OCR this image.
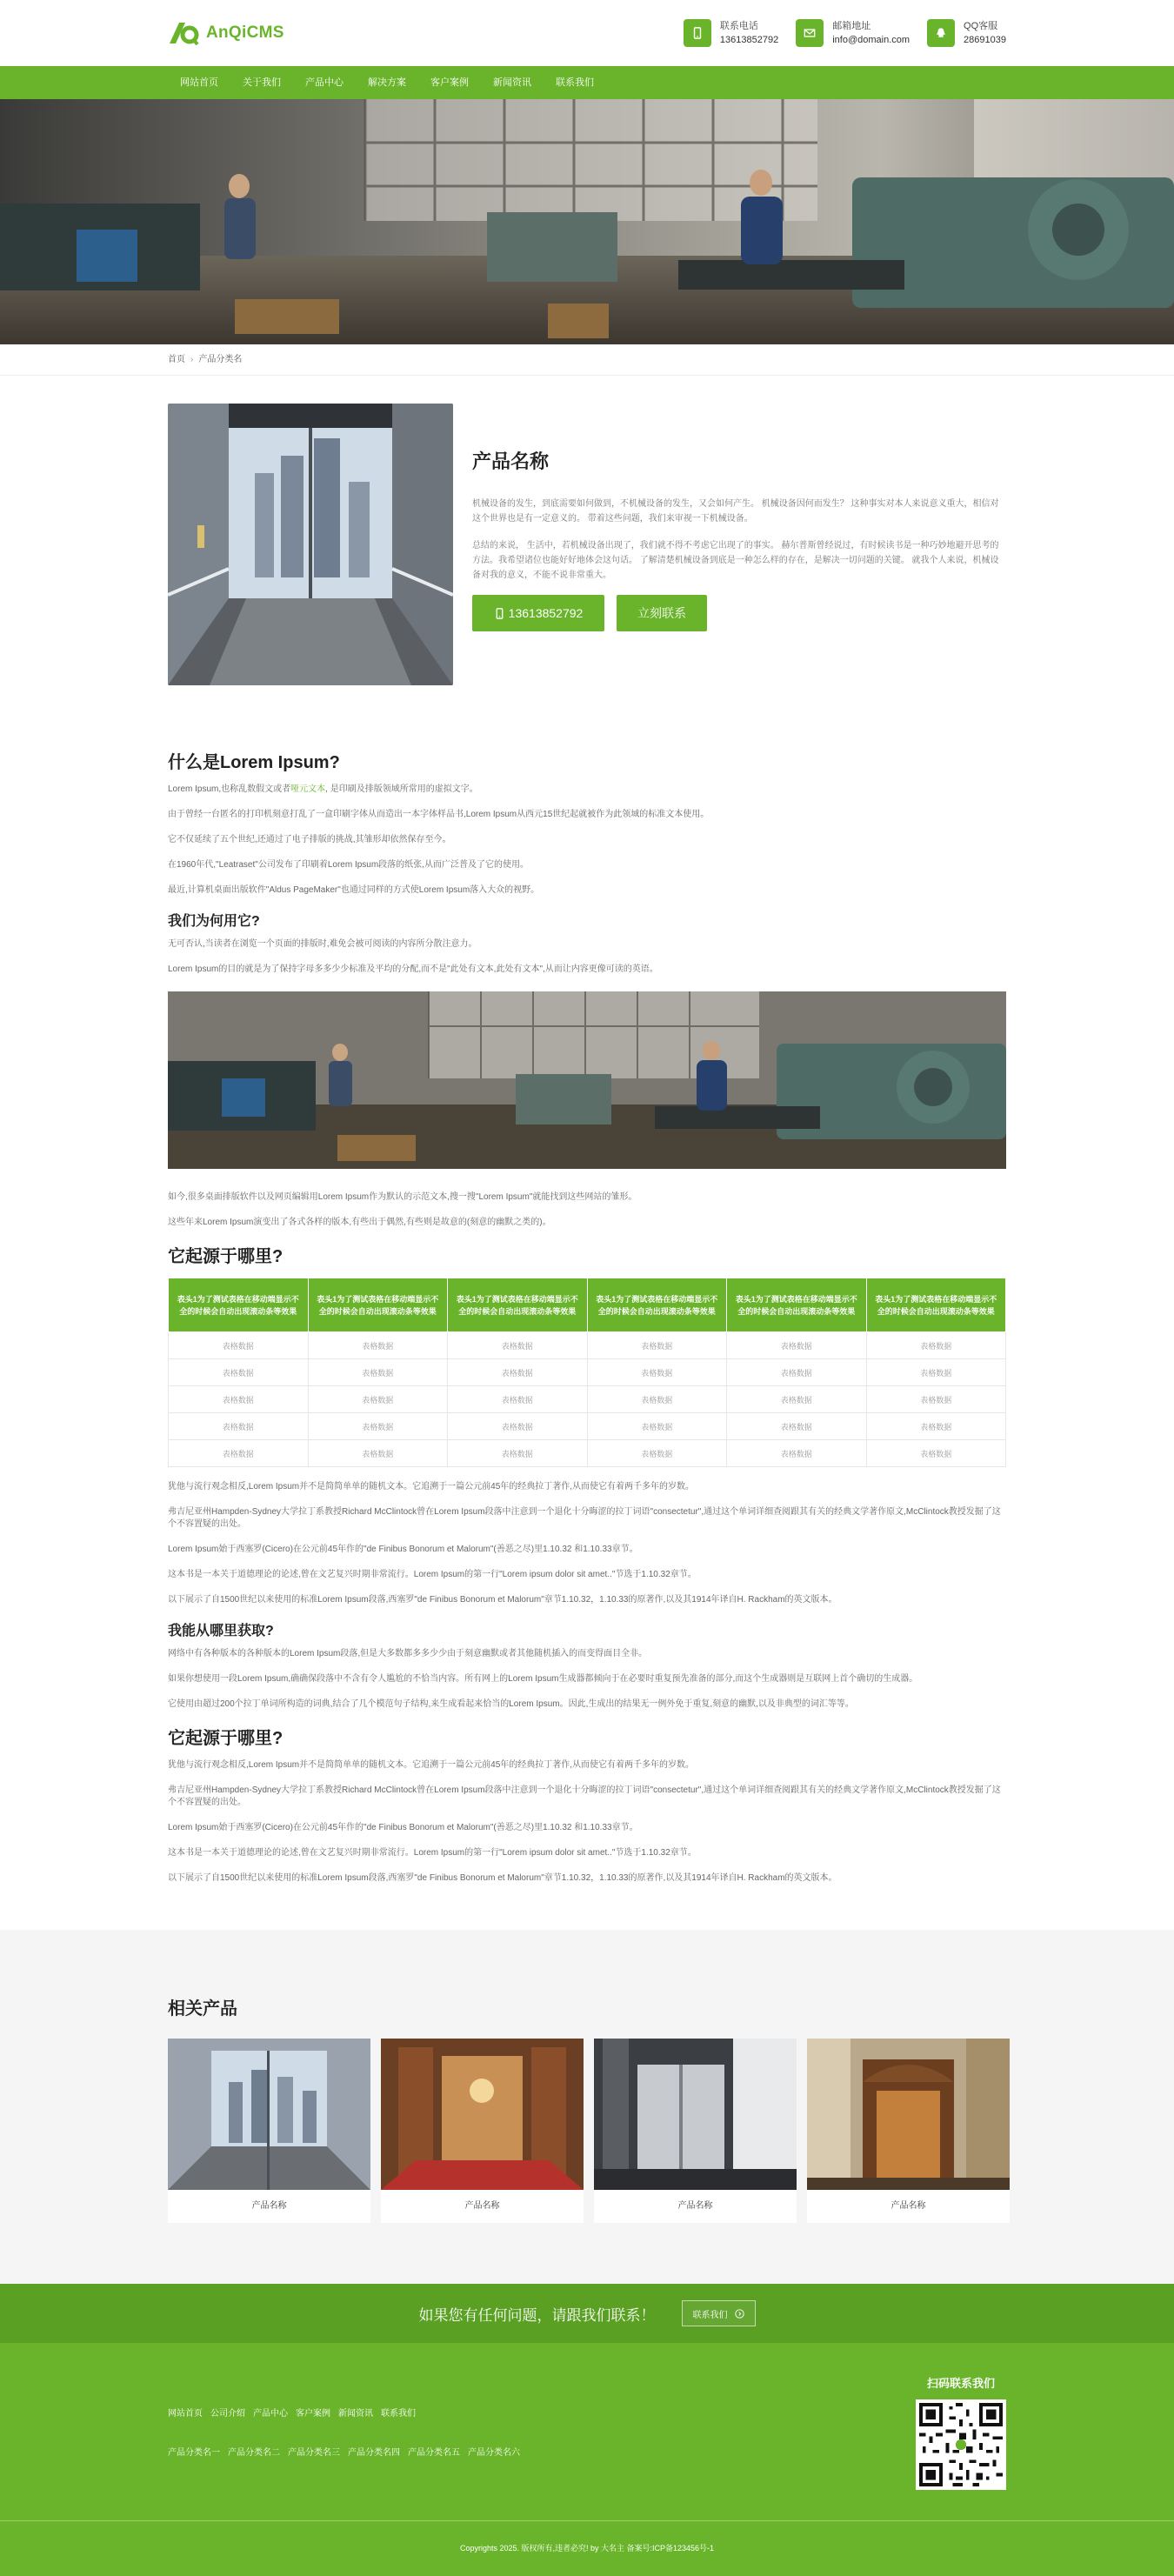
AnQiCMS	联系电话
13613852792
邮箱地址
info@domain.com
QQ客服
28691039
网站首页	关于我们	产品中心	解决方案	客户案例	新闻资讯	联系我们
首页 › 产品分类名
产品名称

机械设备的发生，到底需要如何做到，不机械设备的发生，又会如何产生。 机械设备因何而发生？ 这种事实对本人来说意义重大，相信对这个世界也是有一定意义的。 带着这些问题，我们来审视一下机械设备。

总结的来说， 生活中，若机械设备出现了，我们就不得不考虑它出现了的事实。 赫尔普斯曾经说过，有时候读书是一种巧妙地避开思考的方法。我希望诸位也能好好地体会这句话。 了解清楚机械设备到底是一种怎么样的存在，是解决一切问题的关键。 就我个人来说，机械设备对我的意义，不能不说非常重大。

13613852792	立刻联系
什么是Lorem Ipsum?

Lorem Ipsum,也称乱数假文或者哑元文本, 是印刷及排版领域所常用的虚拟文字。

由于曾经一台匿名的打印机刻意打乱了一盒印刷字体从而造出一本字体样品书,Lorem Ipsum从西元15世纪起就被作为此领域的标准文本使用。

它不仅延续了五个世纪,还通过了电子排版的挑战,其雏形却依然保存至今。

在1960年代,"Leatraset"公司发布了印刷着Lorem Ipsum段落的纸张,从而广泛普及了它的使用。

最近,计算机桌面出版软件"Aldus PageMaker"也通过同样的方式使Lorem Ipsum落入大众的视野。

我们为何用它?

无可否认,当读者在浏览一个页面的排版时,难免会被可阅读的内容所分散注意力。

Lorem Ipsum的目的就是为了保持字母多多少少标准及平均的分配,而不是"此处有文本,此处有文本",从而让内容更像可读的英语。

如今,很多桌面排版软件以及网页编辑用Lorem Ipsum作为默认的示范文本,搜一搜"Lorem Ipsum"就能找到这些网站的雏形。

这些年来Lorem Ipsum演变出了各式各样的版本,有些出于偶然,有些则是故意的(刻意的幽默之类的)。

它起源于哪里?
表头1为了测试表格在移动端显示不全的时候会自动出现滚动条等效果	表头1为了测试表格在移动端显示不全的时候会自动出现滚动条等效果	表头1为了测试表格在移动端显示不全的时候会自动出现滚动条等效果	表头1为了测试表格在移动端显示不全的时候会自动出现滚动条等效果	表头1为了测试表格在移动端显示不全的时候会自动出现滚动条等效果	表头1为了测试表格在移动端显示不全的时候会自动出现滚动条等效果
表格数据	表格数据	表格数据	表格数据	表格数据	表格数据
表格数据	表格数据	表格数据	表格数据	表格数据	表格数据
表格数据	表格数据	表格数据	表格数据	表格数据	表格数据
表格数据	表格数据	表格数据	表格数据	表格数据	表格数据
表格数据	表格数据	表格数据	表格数据	表格数据	表格数据

犹他与流行观念相反,Lorem Ipsum并不是简简单单的随机文本。它追溯于一篇公元前45年的经典拉丁著作,从而使它有着两千多年的岁数。

弗吉尼亚州Hampden-Sydney大学拉丁系教授Richard McClintock曾在Lorem Ipsum段落中注意到一个退化十分晦涩的拉丁词语"consectetur",通过这个单词详细查阅跟其有关的经典文学著作原文,McClintock教授发掘了这个不容置疑的出处。

Lorem Ipsum始于西塞罗(Cicero)在公元前45年作的"de Finibus Bonorum et Malorum"(善恶之尽)里1.10.32 和1.10.33章节。

这本书是一本关于道德理论的论述,曾在文艺复兴时期非常流行。Lorem Ipsum的第一行"Lorem ipsum dolor sit amet.."节选于1.10.32章节。

以下展示了自1500世纪以来使用的标准Lorem Ipsum段落,西塞罗"de Finibus Bonorum et Malorum"章节1.10.32，1.10.33的原著作,以及其1914年译自H. Rackham的英文版本。

我能从哪里获取?

网络中有各种版本的各种版本的Lorem Ipsum段落,但是大多数都多多少少由于刻意幽默或者其他随机插入的而变得面目全非。

如果你想使用一段Lorem Ipsum,确确保段落中不含有令人尴尬的不恰当内容。所有网上的Lorem Ipsum生成器都倾向于在必要时重复预先准备的部分,而这个生成器则是互联网上首个确切的生成器。

它使用由超过200个拉丁单词所构造的词典,结合了几个模范句子结构,来生成看起来恰当的Lorem Ipsum。因此,生成出的结果无一例外免于重复,刻意的幽默,以及非典型的词汇等等。

它起源于哪里?

犹他与流行观念相反,Lorem Ipsum并不是简简单单的随机文本。它追溯于一篇公元前45年的经典拉丁著作,从而使它有着两千多年的岁数。

弗吉尼亚州Hampden-Sydney大学拉丁系教授Richard McClintock曾在Lorem Ipsum段落中注意到一个退化十分晦涩的拉丁词语"consectetur",通过这个单词详细查阅跟其有关的经典文学著作原文,McClintock教授发掘了这个不容置疑的出处。

Lorem Ipsum始于西塞罗(Cicero)在公元前45年作的"de Finibus Bonorum et Malorum"(善恶之尽)里1.10.32 和1.10.33章节。

这本书是一本关于道德理论的论述,曾在文艺复兴时期非常流行。Lorem Ipsum的第一行"Lorem ipsum dolor sit amet.."节选于1.10.32章节。

以下展示了自1500世纪以来使用的标准Lorem Ipsum段落,西塞罗"de Finibus Bonorum et Malorum"章节1.10.32，1.10.33的原著作,以及其1914年译自H. Rackham的英文版本。

相关产品
产品名称	产品名称	产品名称	产品名称
如果您有任何问题，请跟我们联系！	联系我们
网站首页 公司介绍 产品中心 客户案例 新闻资讯 联系我们
产品分类名一 产品分类名二 产品分类名三 产品分类名四 产品分类名五 产品分类名六
扫码联系我们
Copyrights 2025. 版权所有,违者必究! by 大名主 备案号:ICP备123456号-1
